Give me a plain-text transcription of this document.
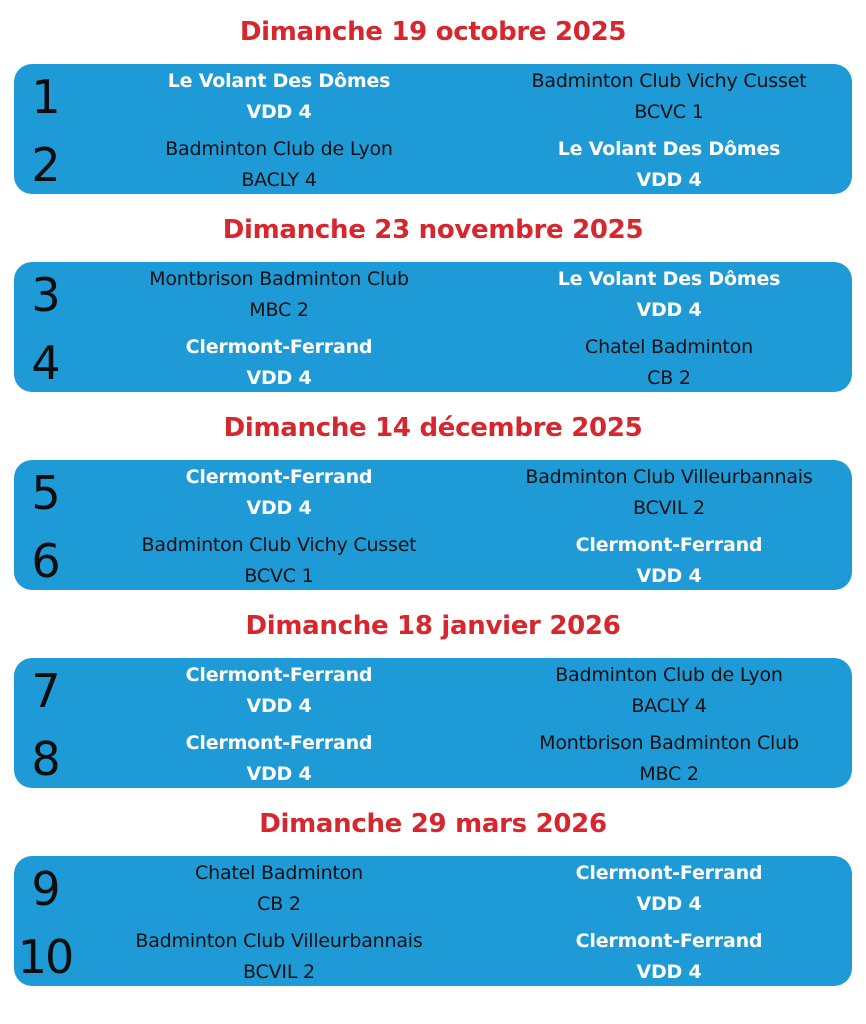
Dimanche 19 octobre 2025
1	Le Volant Des Dômes
VDD 4
Badminton Club Vichy Cusset
BCVC 1
2	Badminton Club de Lyon
BACLY 4
Le Volant Des Dômes
VDD 4
Dimanche 23 novembre 2025
3	Montbrison Badminton Club
MBC 2
Le Volant Des Dômes
VDD 4
4	Clermont-Ferrand
VDD 4
Chatel Badminton
CB 2
Dimanche 14 décembre 2025
5	Clermont-Ferrand
VDD 4
Badminton Club Villeurbannais
BCVIL 2
6	Badminton Club Vichy Cusset
BCVC 1
Clermont-Ferrand
VDD 4
Dimanche 18 janvier 2026
7	Clermont-Ferrand
VDD 4
Badminton Club de Lyon
BACLY 4
8	Clermont-Ferrand
VDD 4
Montbrison Badminton Club
MBC 2
Dimanche 29 mars 2026
9	Chatel Badminton
CB 2
Clermont-Ferrand
VDD 4
10	Badminton Club Villeurbannais
BCVIL 2
Clermont-Ferrand
VDD 4
